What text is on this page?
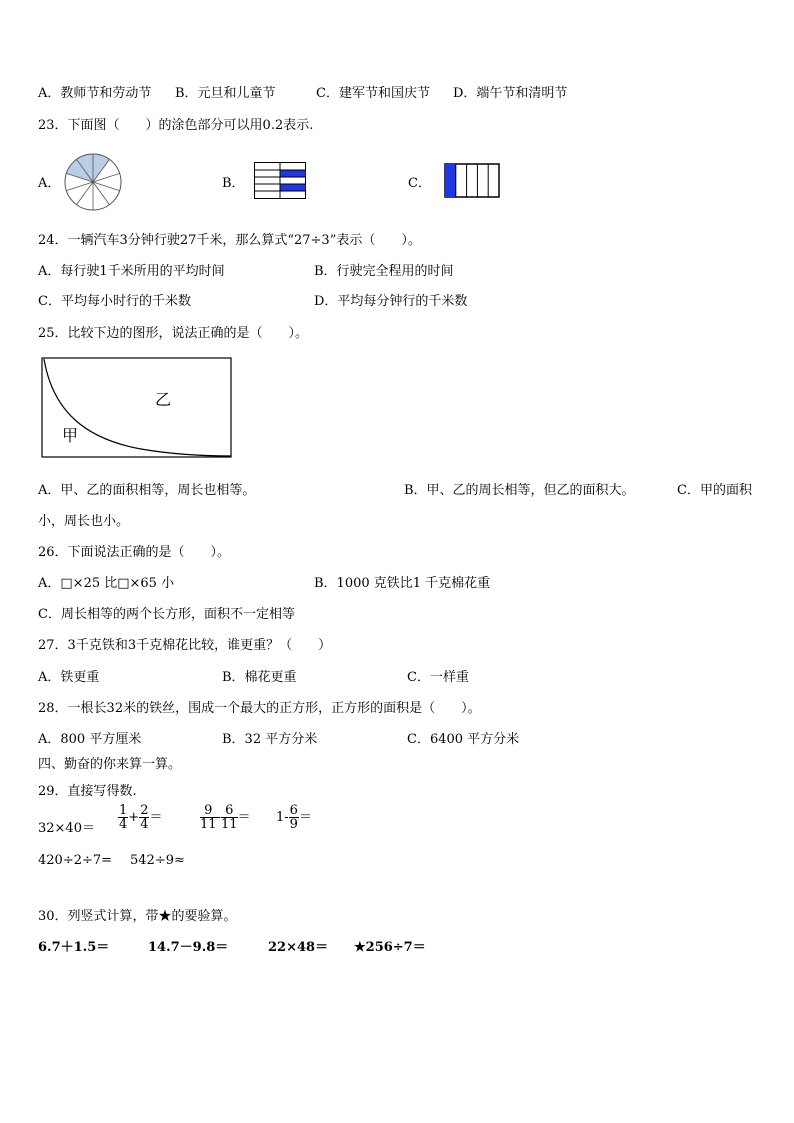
A．教师节和劳动节 B．元旦和儿童节	C．建军节和国庆节 D．端午节和清明节
23．下面图（　　）的涂色部分可以用0.2表示.
A．	B．	C．
24．一辆汽车3分钟行驶27千米，那么算式“27÷3”表示（　　）。
A．每行驶1千米所用的平均时间	B．行驶完全程用的时间
C．平均每小时行的千米数	D．平均每分钟行的千米数
25．比较下边的图形，说法正确的是（　　）。
乙
甲
A．甲、乙的面积相等，周长也相等。	B．甲、乙的周长相等，但乙的面积大。	C．甲的面积
小，周长也小。
26．下面说法正确的是（　　）。
A．□×25 比□×65 小	B．1000 克铁比1 千克棉花重
C．周长相等的两个长方形，面积不一定相等
27．3千克铁和3千克棉花比较，谁更重？（　　）
A．铁更重	B．棉花更重	C．一样重
28．一根长32米的铁丝，围成一个最大的正方形，正方形的面积是（　　）。
A．800 平方厘米	B．32 平方分米	C．6400 平方分米
四、勤奋的你来算一算。
29．直接写得数.
$32\times 40= \frac{1}{4} + \frac{2}{4}$ ＝	$\frac{9}{11} - \frac{6}{11} = 1- \frac{6}{9}$ ＝
420÷2÷7= 542÷9≈
30．列竖式计算，带★的要验算。
6.7＋1.5＝	14.7－9.8＝	22×48＝ ★256÷7＝
